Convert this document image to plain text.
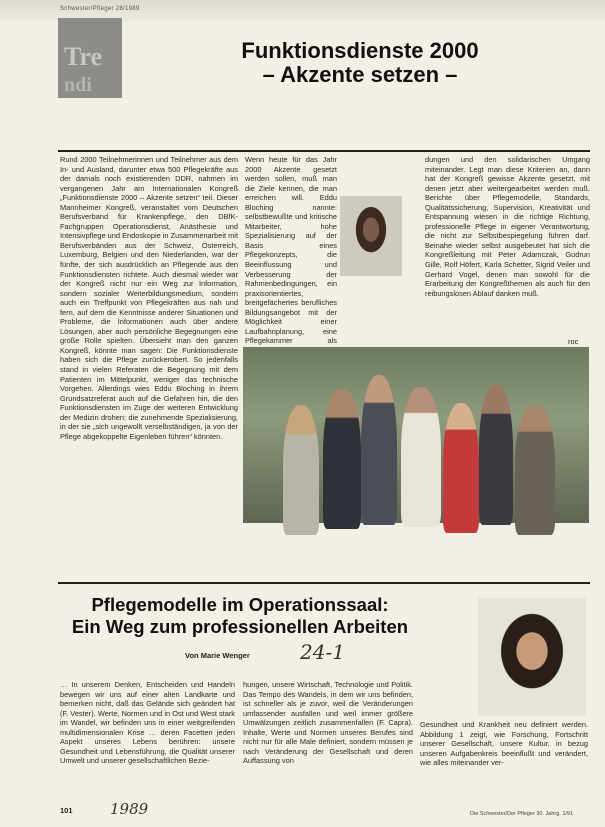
Schwester/Pfleger 28/1989
Tre
ndi
Funktionsdienste 2000
– Akzente setzen –

Rund 2000 Teilnehmerinnen und Teilnehmer aus dem In- und Ausland, darunter etwa 500 Pflegekräfte aus der damals noch existierenden DDR, nahmen im vergangenen Jahr am Internationalen Kongreß „Funktionsdienste 2000 – Akzente setzen“ teil. Dieser Mannheimer Kongreß, veranstaltet vom Deutschen Berufsverband für Krankenpflege, den DBfK-Fachgruppen Operationsdienst, Anästhesie und Intensivpflege und Endoskopie in Zusammenarbeit mit Berufsverbänden aus der Schweiz, Österreich, Luxemburg, Belgien und den Niederlanden, war der fünfte, der sich ausdrücklich an Pflegende aus den Funktionsdiensten richtete. Auch diesmal wieder war der Kongreß nicht nur ein Weg zur Information, sondern sozialer Weiterbildungsmedium, sondern auch ein Treffpunkt von Pflegekräften aus nah und fern, auf dem die Kenntnisse anderer Situationen und Probleme, die Informationen auch über andere Lösungen, aber auch persönliche Begegnungen eine große Rolle spielten. Übersieht man den ganzen Kongreß, könnte man sagen: Die Funktionsdienste haben sich die Pflege zurückerobert. So jedenfalls stand in vielen Referaten die Begegnung mit dem Patienten im Mittelpunkt, weniger das technische Vorgehen. Allerdings wies Eddu Bloching in ihrem Grundsatzreferat auch auf die Gefahren hin, die den Funktionsdiensten im Zuge der weiteren Entwicklung der Medizin drohen: die zunehmende Spezialisierung, in der sie „sich ungewollt verselbständigen, ja von der Pflege abgekoppelte Eigenleben führen“ könnten.

Wenn heute für das Jahr 2000 Akzente gesetzt werden sollen, muß man die Ziele kennen, die man erreichen will. Eddu Bloching nannte: selbstbewußte und kritische Mitarbeiter, hohe Spezialisierung auf der Basis eines Pflegekonzepts, die Beeinflussung und Verbesserung der Rahmenbedingungen, ein praxisorientiertes, breitgefächertes berufliches Bildungsangebot mit der Möglichkeit einer Laufbahnplanung, eine Pflegekammer als

dungen und den solidarischen Umgang miteinander. Legt man diese Kriterien an, dann hat der Kongreß gewisse Akzente gesetzt, mit denen jetzt aber weitergearbeitet werden muß. Berichte über Pflegemodelle, Standards, Qualitätssicherung, Supervision, Kreativität und Entspannung wiesen in die richtige Richtung, professionelle Pflege in eigener Verantwortung, die nicht zur Selbstbespiegelung führen darf. Beinahe wieder selbst ausgebeutet hat sich die Kongreßleitung mit Peter Adamczak, Gudrun Gille, Rolf Höfert, Karla Schetter, Sigrid Veiler und Gerhard Vogel, denen man sowohl für die Erarbeitung der Kongreßthemen als auch für den reibungslosen Ablauf danken muß.

roc
Pflegemodelle im Operationssaal:
Ein Weg zum professionellen Arbeiten
Von Marie Wenger	24-1

… In unserem Denken, Entscheiden und Handeln bewegen wir uns auf einer alten Landkarte und bemerken nicht, daß das Gelände sich geändert hat (F. Vester). Werte, Normen und in Ost und West stark im Wandel, wir befinden uns in einer weitgreifenden multidimensionalen Krise … deren Facetten jeden Aspekt unseres Lebens berühren: unsere Gesundheit und Lebensführung, die Qualität unserer Umwelt und unserer gesellschaftlichen Bezie-

hungen, unsere Wirtschaft, Technologie und Politik. Das Tempo des Wandels, in dem wir uns befinden, ist schneller als je zuvor, weil die Veränderungen umfassender ausfallen und weil immer größere Umwälzungen zeitlich zusammenfallen (F. Capra). Inhalte, Werte und Normen unseres Berufes sind nicht nur für alle Male definiert, sondern müssen je nach Veränderung der Gesellschaft und deren Auffassung von

Gesundheit und Krankheit neu definiert werden. Abbildung 1 zeigt, wie Forschung, Fortschritt unserer Gesellschaft, unsere Kultur, in bezug unseren Aufgabenkreis beeinflußt und verändert, wie alles miteinander ver-

101 1989	Die Schwester/Der Pfleger 30. Jahrg. 1/91
